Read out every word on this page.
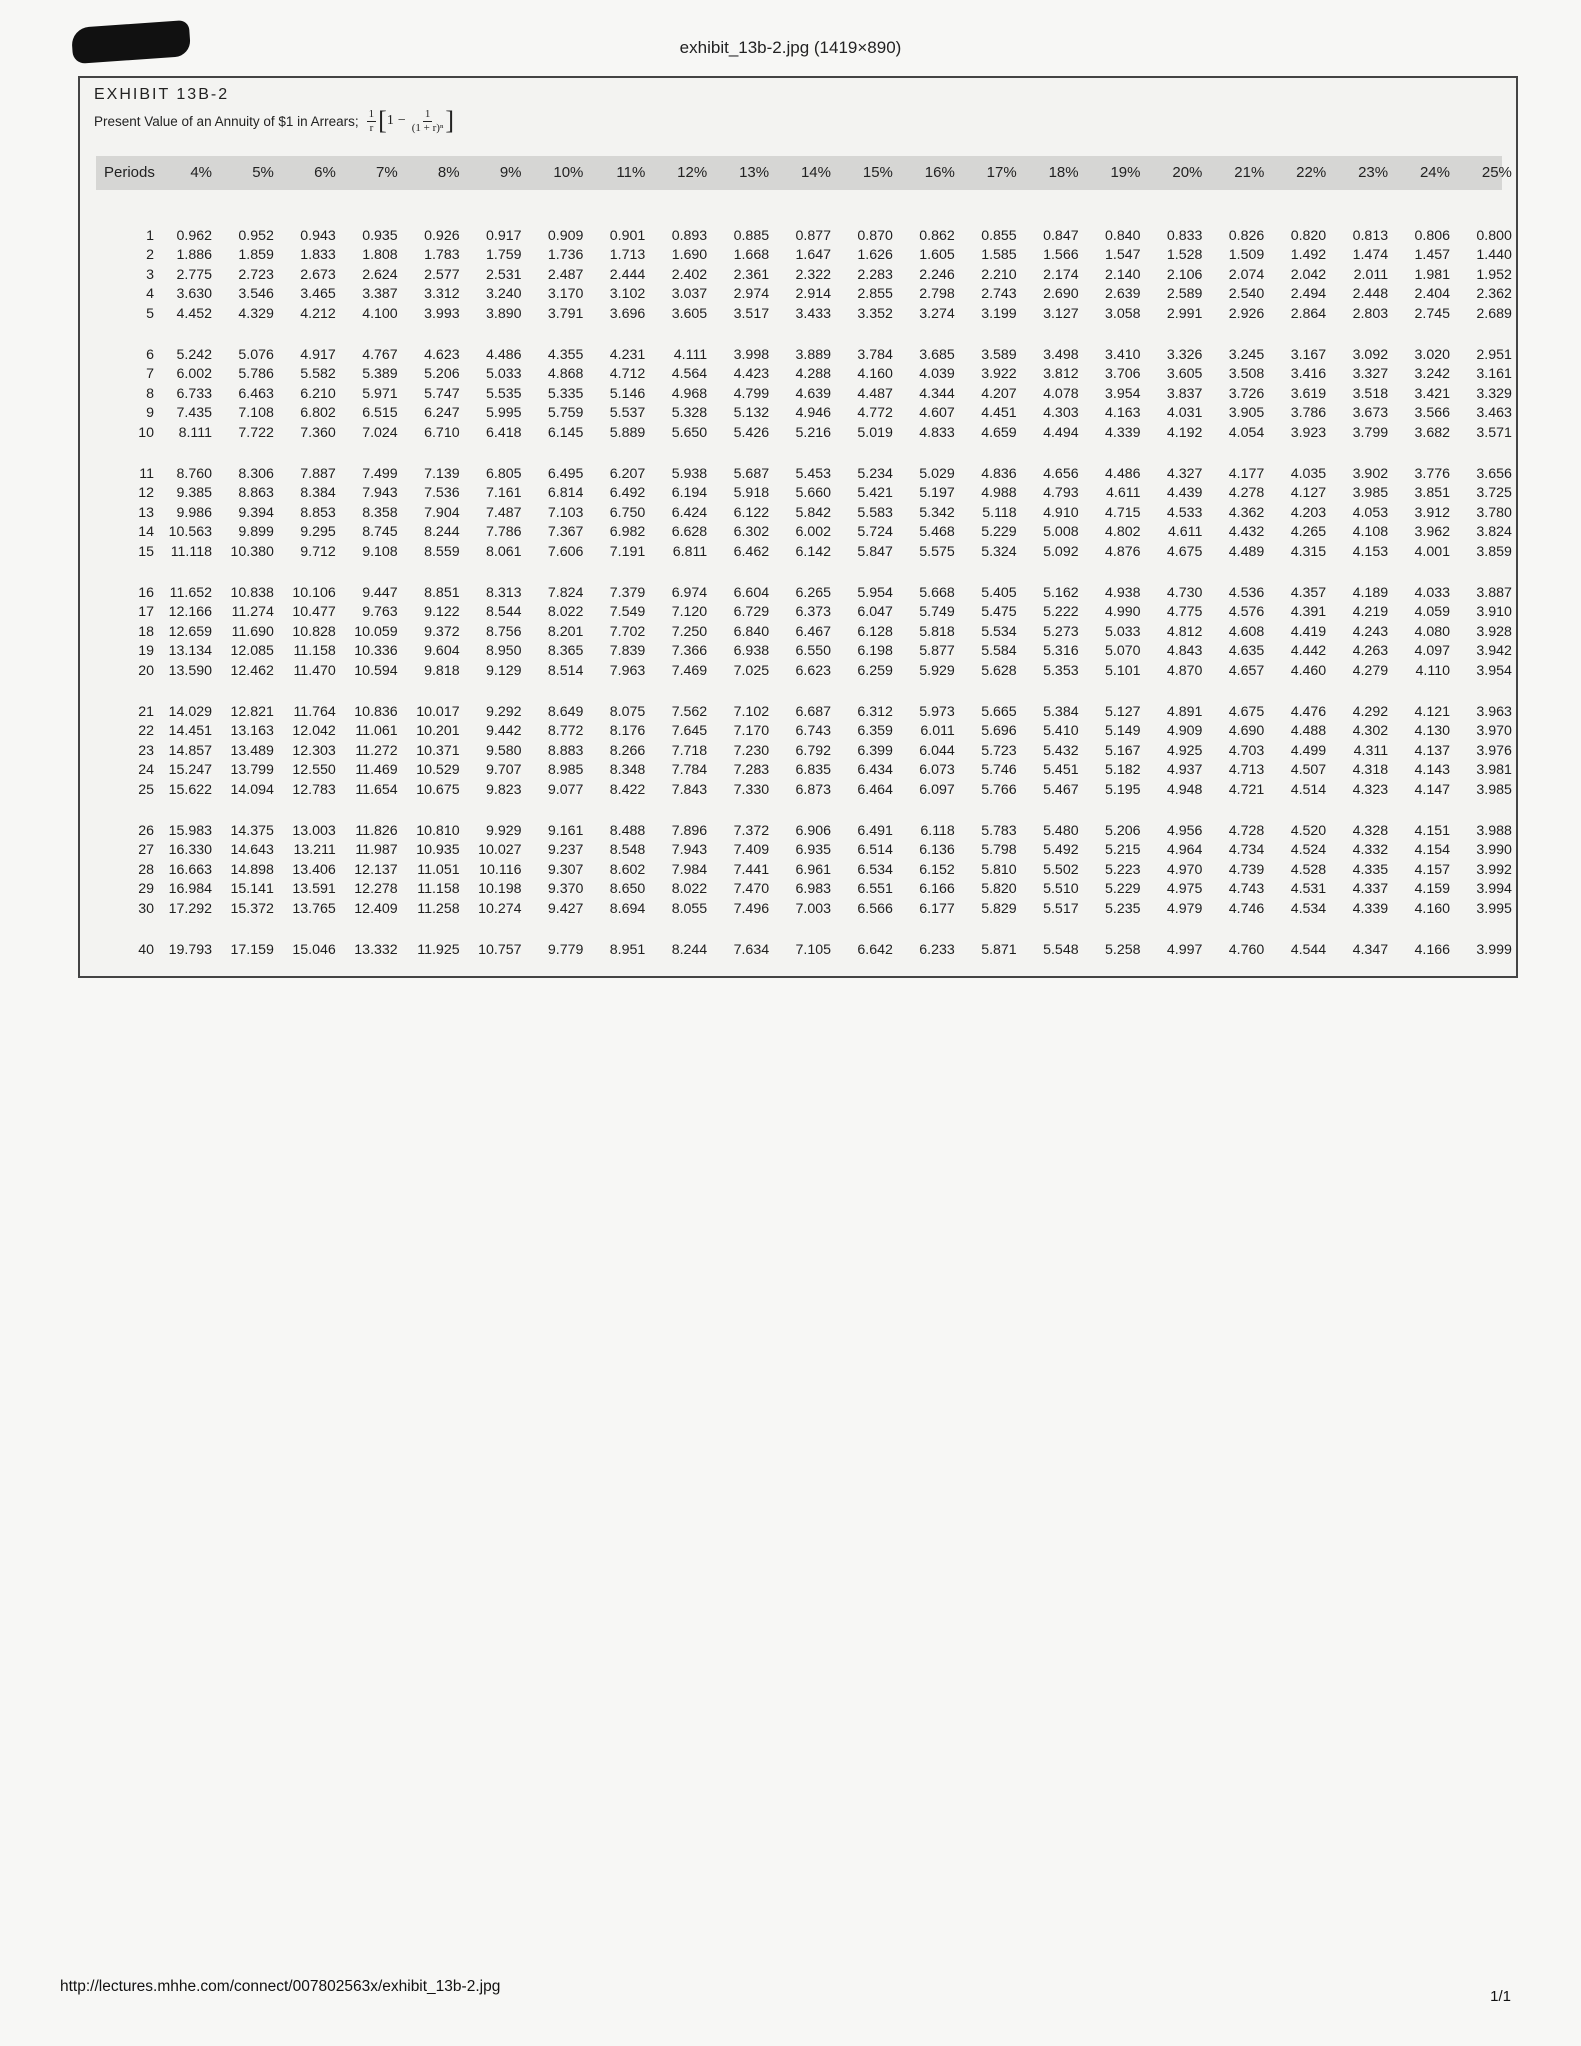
exhibit_13b-2.jpg (1419×890)
EXHIBIT 13B-2
Present Value of an Annuity of $1 in Arrears; $\frac{1}{r}$ [ $1 - \frac{1}{\text{(1 + r)ⁿ}}$ ]
Periods 4%	5%	6%	7%	8%	9% 10% 11% 12% 13% 14% 15% 16% 17% 18% 19% 20% 21% 22% 23% 24% 25%
1 0.962 0.952 0.943 0.935 0.926 0.917 0.909 0.901 0.893 0.885 0.877 0.870 0.862 0.855 0.847 0.840 0.833 0.826 0.820 0.813 0.806 0.800
2 1.886 1.859 1.833 1.808 1.783 1.759 1.736 1.713 1.690 1.668 1.647 1.626 1.605 1.585 1.566 1.547 1.528 1.509 1.492 1.474 1.457 1.440
3 2.775 2.723 2.673 2.624 2.577 2.531 2.487 2.444 2.402 2.361 2.322 2.283 2.246 2.210 2.174 2.140 2.106 2.074 2.042 2.011 1.981 1.952
4 3.630 3.546 3.465 3.387 3.312 3.240 3.170 3.102 3.037 2.974 2.914 2.855 2.798 2.743 2.690 2.639 2.589 2.540 2.494 2.448 2.404 2.362
5 4.452 4.329 4.212 4.100 3.993 3.890 3.791 3.696 3.605 3.517 3.433 3.352 3.274 3.199 3.127 3.058 2.991 2.926 2.864 2.803 2.745 2.689
6 5.242 5.076 4.917 4.767 4.623 4.486 4.355 4.231 4.111 3.998 3.889 3.784 3.685 3.589 3.498 3.410 3.326 3.245 3.167 3.092 3.020 2.951
7 6.002 5.786 5.582 5.389 5.206 5.033 4.868 4.712 4.564 4.423 4.288 4.160 4.039 3.922 3.812 3.706 3.605 3.508 3.416 3.327 3.242 3.161
8 6.733 6.463 6.210 5.971 5.747 5.535 5.335 5.146 4.968 4.799 4.639 4.487 4.344 4.207 4.078 3.954 3.837 3.726 3.619 3.518 3.421 3.329
9 7.435 7.108 6.802 6.515 6.247 5.995 5.759 5.537 5.328 5.132 4.946 4.772 4.607 4.451 4.303 4.163 4.031 3.905 3.786 3.673 3.566 3.463
10 8.111 7.722 7.360 7.024 6.710 6.418 6.145 5.889 5.650 5.426 5.216 5.019 4.833 4.659 4.494 4.339 4.192 4.054 3.923 3.799 3.682 3.571
11 8.760 8.306 7.887 7.499 7.139 6.805 6.495 6.207 5.938 5.687 5.453 5.234 5.029 4.836 4.656 4.486 4.327 4.177 4.035 3.902 3.776 3.656
12 9.385 8.863 8.384 7.943 7.536 7.161 6.814 6.492 6.194 5.918 5.660 5.421 5.197 4.988 4.793 4.611 4.439 4.278 4.127 3.985 3.851 3.725
13 9.986 9.394 8.853 8.358 7.904 7.487 7.103 6.750 6.424 6.122 5.842 5.583 5.342 5.118 4.910 4.715 4.533 4.362 4.203 4.053 3.912 3.780
14 10.563 9.899 9.295 8.745 8.244 7.786 7.367 6.982 6.628 6.302 6.002 5.724 5.468 5.229 5.008 4.802 4.611 4.432 4.265 4.108 3.962 3.824
15 11.118 10.380 9.712 9.108 8.559 8.061 7.606 7.191 6.811 6.462 6.142 5.847 5.575 5.324 5.092 4.876 4.675 4.489 4.315 4.153 4.001 3.859
16 11.652 10.838 10.106 9.447 8.851 8.313 7.824 7.379 6.974 6.604 6.265 5.954 5.668 5.405 5.162 4.938 4.730 4.536 4.357 4.189 4.033 3.887
17 12.166 11.274 10.477 9.763 9.122 8.544 8.022 7.549 7.120 6.729 6.373 6.047 5.749 5.475 5.222 4.990 4.775 4.576 4.391 4.219 4.059 3.910
18 12.659 11.690 10.828 10.059 9.372 8.756 8.201 7.702 7.250 6.840 6.467 6.128 5.818 5.534 5.273 5.033 4.812 4.608 4.419 4.243 4.080 3.928
19 13.134 12.085 11.158 10.336 9.604 8.950 8.365 7.839 7.366 6.938 6.550 6.198 5.877 5.584 5.316 5.070 4.843 4.635 4.442 4.263 4.097 3.942
20 13.590 12.462 11.470 10.594 9.818 9.129 8.514 7.963 7.469 7.025 6.623 6.259 5.929 5.628 5.353 5.101 4.870 4.657 4.460 4.279 4.110 3.954
21 14.029 12.821 11.764 10.836 10.017 9.292 8.649 8.075 7.562 7.102 6.687 6.312 5.973 5.665 5.384 5.127 4.891 4.675 4.476 4.292 4.121 3.963
22 14.451 13.163 12.042 11.061 10.201 9.442 8.772 8.176 7.645 7.170 6.743 6.359 6.011 5.696 5.410 5.149 4.909 4.690 4.488 4.302 4.130 3.970
23 14.857 13.489 12.303 11.272 10.371 9.580 8.883 8.266 7.718 7.230 6.792 6.399 6.044 5.723 5.432 5.167 4.925 4.703 4.499 4.311 4.137 3.976
24 15.247 13.799 12.550 11.469 10.529 9.707 8.985 8.348 7.784 7.283 6.835 6.434 6.073 5.746 5.451 5.182 4.937 4.713 4.507 4.318 4.143 3.981
25 15.622 14.094 12.783 11.654 10.675 9.823 9.077 8.422 7.843 7.330 6.873 6.464 6.097 5.766 5.467 5.195 4.948 4.721 4.514 4.323 4.147 3.985
26 15.983 14.375 13.003 11.826 10.810 9.929 9.161 8.488 7.896 7.372 6.906 6.491 6.118 5.783 5.480 5.206 4.956 4.728 4.520 4.328 4.151 3.988
27 16.330 14.643 13.211 11.987 10.935 10.027 9.237 8.548 7.943 7.409 6.935 6.514 6.136 5.798 5.492 5.215 4.964 4.734 4.524 4.332 4.154 3.990
28 16.663 14.898 13.406 12.137 11.051 10.116 9.307 8.602 7.984 7.441 6.961 6.534 6.152 5.810 5.502 5.223 4.970 4.739 4.528 4.335 4.157 3.992
29 16.984 15.141 13.591 12.278 11.158 10.198 9.370 8.650 8.022 7.470 6.983 6.551 6.166 5.820 5.510 5.229 4.975 4.743 4.531 4.337 4.159 3.994
30 17.292 15.372 13.765 12.409 11.258 10.274 9.427 8.694 8.055 7.496 7.003 6.566 6.177 5.829 5.517 5.235 4.979 4.746 4.534 4.339 4.160 3.995
40 19.793 17.159 15.046 13.332 11.925 10.757 9.779 8.951 8.244 7.634 7.105 6.642 6.233 5.871 5.548 5.258 4.997 4.760 4.544 4.347 4.166 3.999
http://lectures.mhhe.com/connect/007802563x/exhibit_13b-2.jpg
1/1
